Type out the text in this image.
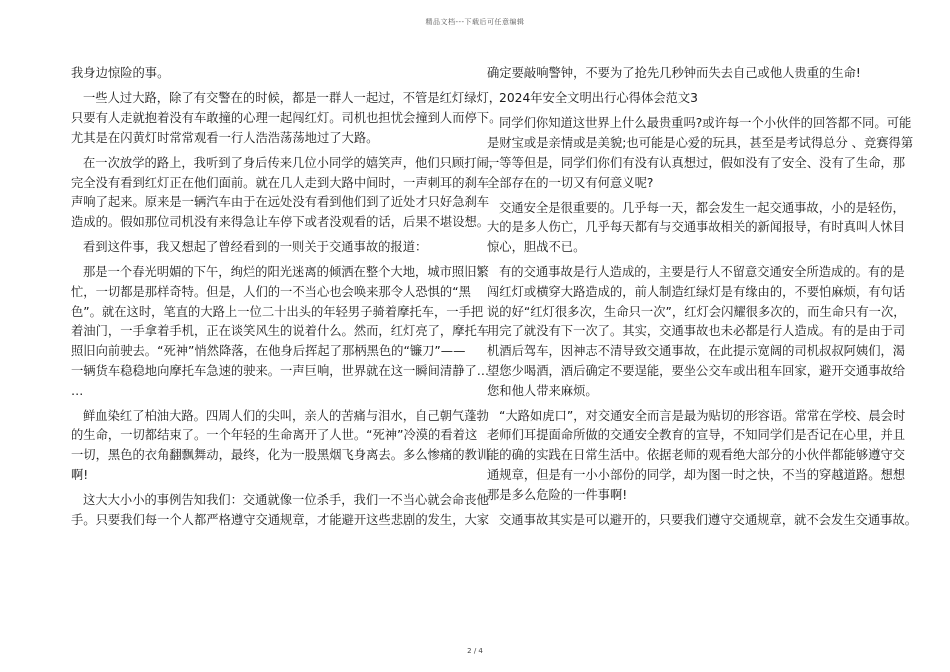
精品文档---下载后可任意编辑
我身边惊险的事。
一些人过大路，除了有交警在的时候，都是一群人一起过，不管是红灯绿灯，
只要有人走就抱着没有车敢撞的心理一起闯红灯。司机也担忧会撞到人而停下。
尤其是在闪黄灯时常常观看一行人浩浩荡荡地过了大路。
在一次放学的路上，我听到了身后传来几位小同学的嬉笑声，他们只顾打闹，
完全没有看到红灯正在他们面前。就在几人走到大路中间时，一声刺耳的刹车
声响了起来。原来是一辆汽车由于在远处没有看到他们到了近处才只好急刹车
造成的。假如那位司机没有来得急让车停下或者没观看的话，后果不堪设想。
看到这件事，我又想起了曾经看到的一则关于交通事故的报道：
那是一个春光明媚的下午，绚烂的阳光迷离的倾洒在整个大地，城市照旧繁
忙，一切都是那样奇特。但是，人们的一不当心也会唤来那令人恐惧的“黑
色”。就在这时，笔直的大路上一位二十出头的年轻男子骑着摩托车，一手把
着油门，一手拿着手机，正在谈笑风生的说着什么。然而，红灯亮了，摩托车
照旧向前驶去。“死神”悄然降落，在他身后挥起了那柄黑色的“镰刀”——
一辆货车稳稳地向摩托车急速的驶来。一声巨响，世界就在这一瞬间清静了…
…
鲜血染红了柏油大路。四周人们的尖叫，亲人的苦痛与泪水，自己朝气蓬勃
的生命，一切都结束了。一个年轻的生命离开了人世。“死神”冷漠的看着这
一切，黑色的衣角翻飘舞动，最终，化为一股黑烟飞身离去。多么惨痛的教训
啊!
这大大小小的事例告知我们：交通就像一位杀手，我们一不当心就会命丧他
手。只要我们每一个人都严格遵守交通规章，才能避开这些悲剧的发生，大家
确定要敲响警钟，不要为了抢先几秒钟而失去自己或他人贵重的生命!
2024年安全文明出行心得体会范文3
同学们你知道这世界上什么最贵重吗?或许每一个小伙伴的回答都不同。可能
是财宝或是亲情或是美貌;也可能是心爱的玩具，甚至是考试得总分 、竞赛得第
一等等但是，同学们你们有没有认真想过，假如没有了安全、没有了生命，那
全部存在的一切又有何意义呢?
交通安全是很重要的。几乎每一天，都会发生一起交通事故，小的是轻伤，
大的是多人伤亡，几乎每天都有与交通事故相关的新闻报导，有时真叫人怵目
惊心，胆战不已。
有的交通事故是行人造成的，主要是行人不留意交通安全所造成的。有的是
闯红灯或横穿大路造成的，前人制造红绿灯是有缘由的，不要怕麻烦，有句话
说的好“红灯很多次，生命只一次”，红灯会闪耀很多次的，而生命只有一次，
用完了就没有下一次了。其实，交通事故也未必都是行人造成。有的是由于司
机酒后驾车，因神志不清导致交通事故，在此提示宽阔的司机叔叔阿姨们，渴
望您少喝酒，酒后确定不要逞能，要坐公交车或出租车回家，避开交通事故给
您和他人带来麻烦。
“大路如虎口”，对交通安全而言是最为贴切的形容语。常常在学校、晨会时
老师们耳提面命所做的交通安全教育的宣导，不知同学们是否记在心里，并且
能的确的实践在日常生活中。依据老师的观看绝大部分的小伙伴都能够遵守交
通规章，但是有一小小部份的同学，却为图一时之快，不当的穿越道路。想想
那是多么危险的一件事啊!
交通事故其实是可以避开的，只要我们遵守交通规章，就不会发生交通事故。
2 / 4
